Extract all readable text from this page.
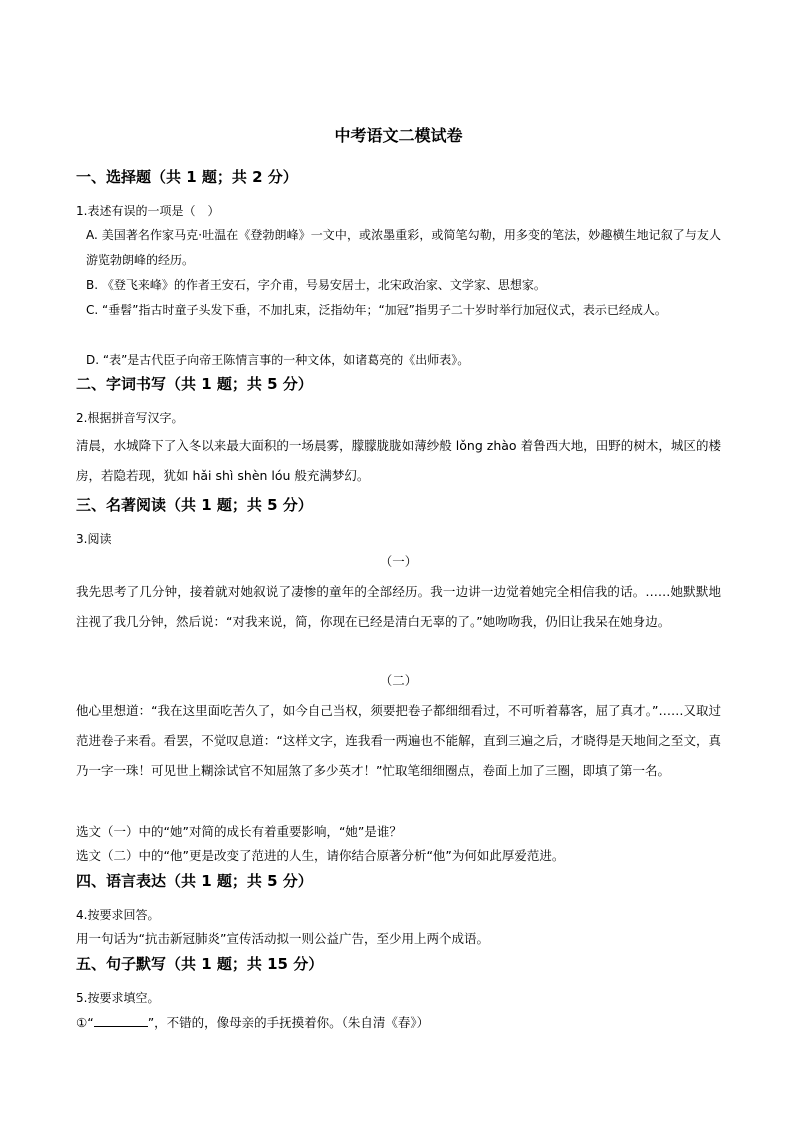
中考语文二模试卷
一、选择题（共 1 题；共 2 分）
1.表述有误的一项是（　）
A. 美国著名作家马克·吐温在《登勃朗峰》一文中，或浓墨重彩，或简笔勾勒，用多变的笔法，妙趣横生地记叙了与友人游览勃朗峰的经历。
B. 《登飞来峰》的作者王安石，字介甫，号易安居士，北宋政治家、文学家、思想家。
C. “垂髫”指古时童子头发下垂，不加扎束，泛指幼年；“加冠”指男子二十岁时举行加冠仪式，表示已经成人。
D. “表”是古代臣子向帝王陈情言事的一种文体，如诸葛亮的《出师表》。
二、字词书写（共 1 题；共 5 分）
2.根据拼音写汉字。
清晨，水城降下了入冬以来最大面积的一场晨雾，朦朦胧胧如薄纱般 lǒng zhào 着鲁西大地，田野的树木，城区的楼房，若隐若现，犹如 hǎi shì shèn lóu 般充满梦幻。
三、名著阅读（共 1 题；共 5 分）
3.阅读
（一）
我先思考了几分钟，接着就对她叙说了凄惨的童年的全部经历。我一边讲一边觉着她完全相信我的话。……她默默地注视了我几分钟，然后说：“对我来说，简，你现在已经是清白无辜的了。”她吻吻我，仍旧让我呆在她身边。
（二）
他心里想道：“我在这里面吃苦久了，如今自己当权，须要把卷子都细细看过，不可听着幕客，屈了真才。”……又取过范进卷子来看。看罢，不觉叹息道：“这样文字，连我看一两遍也不能解，直到三遍之后，才晓得是天地间之至文，真乃一字一珠！可见世上糊涂试官不知屈煞了多少英才！”忙取笔细细圈点，卷面上加了三圈，即填了第一名。
选文（一）中的“她”对简的成长有着重要影响，“她”是谁？
选文（二）中的“他”更是改变了范进的人生，请你结合原著分析“他”为何如此厚爱范进。
四、语言表达（共 1 题；共 5 分）
4.按要求回答。
用一句话为“抗击新冠肺炎”宣传活动拟一则公益广告，至少用上两个成语。
五、句子默写（共 1 题；共 15 分）
5.按要求填空。
①“	”，不错的，像母亲的手抚摸着你。（朱自清《春》）
